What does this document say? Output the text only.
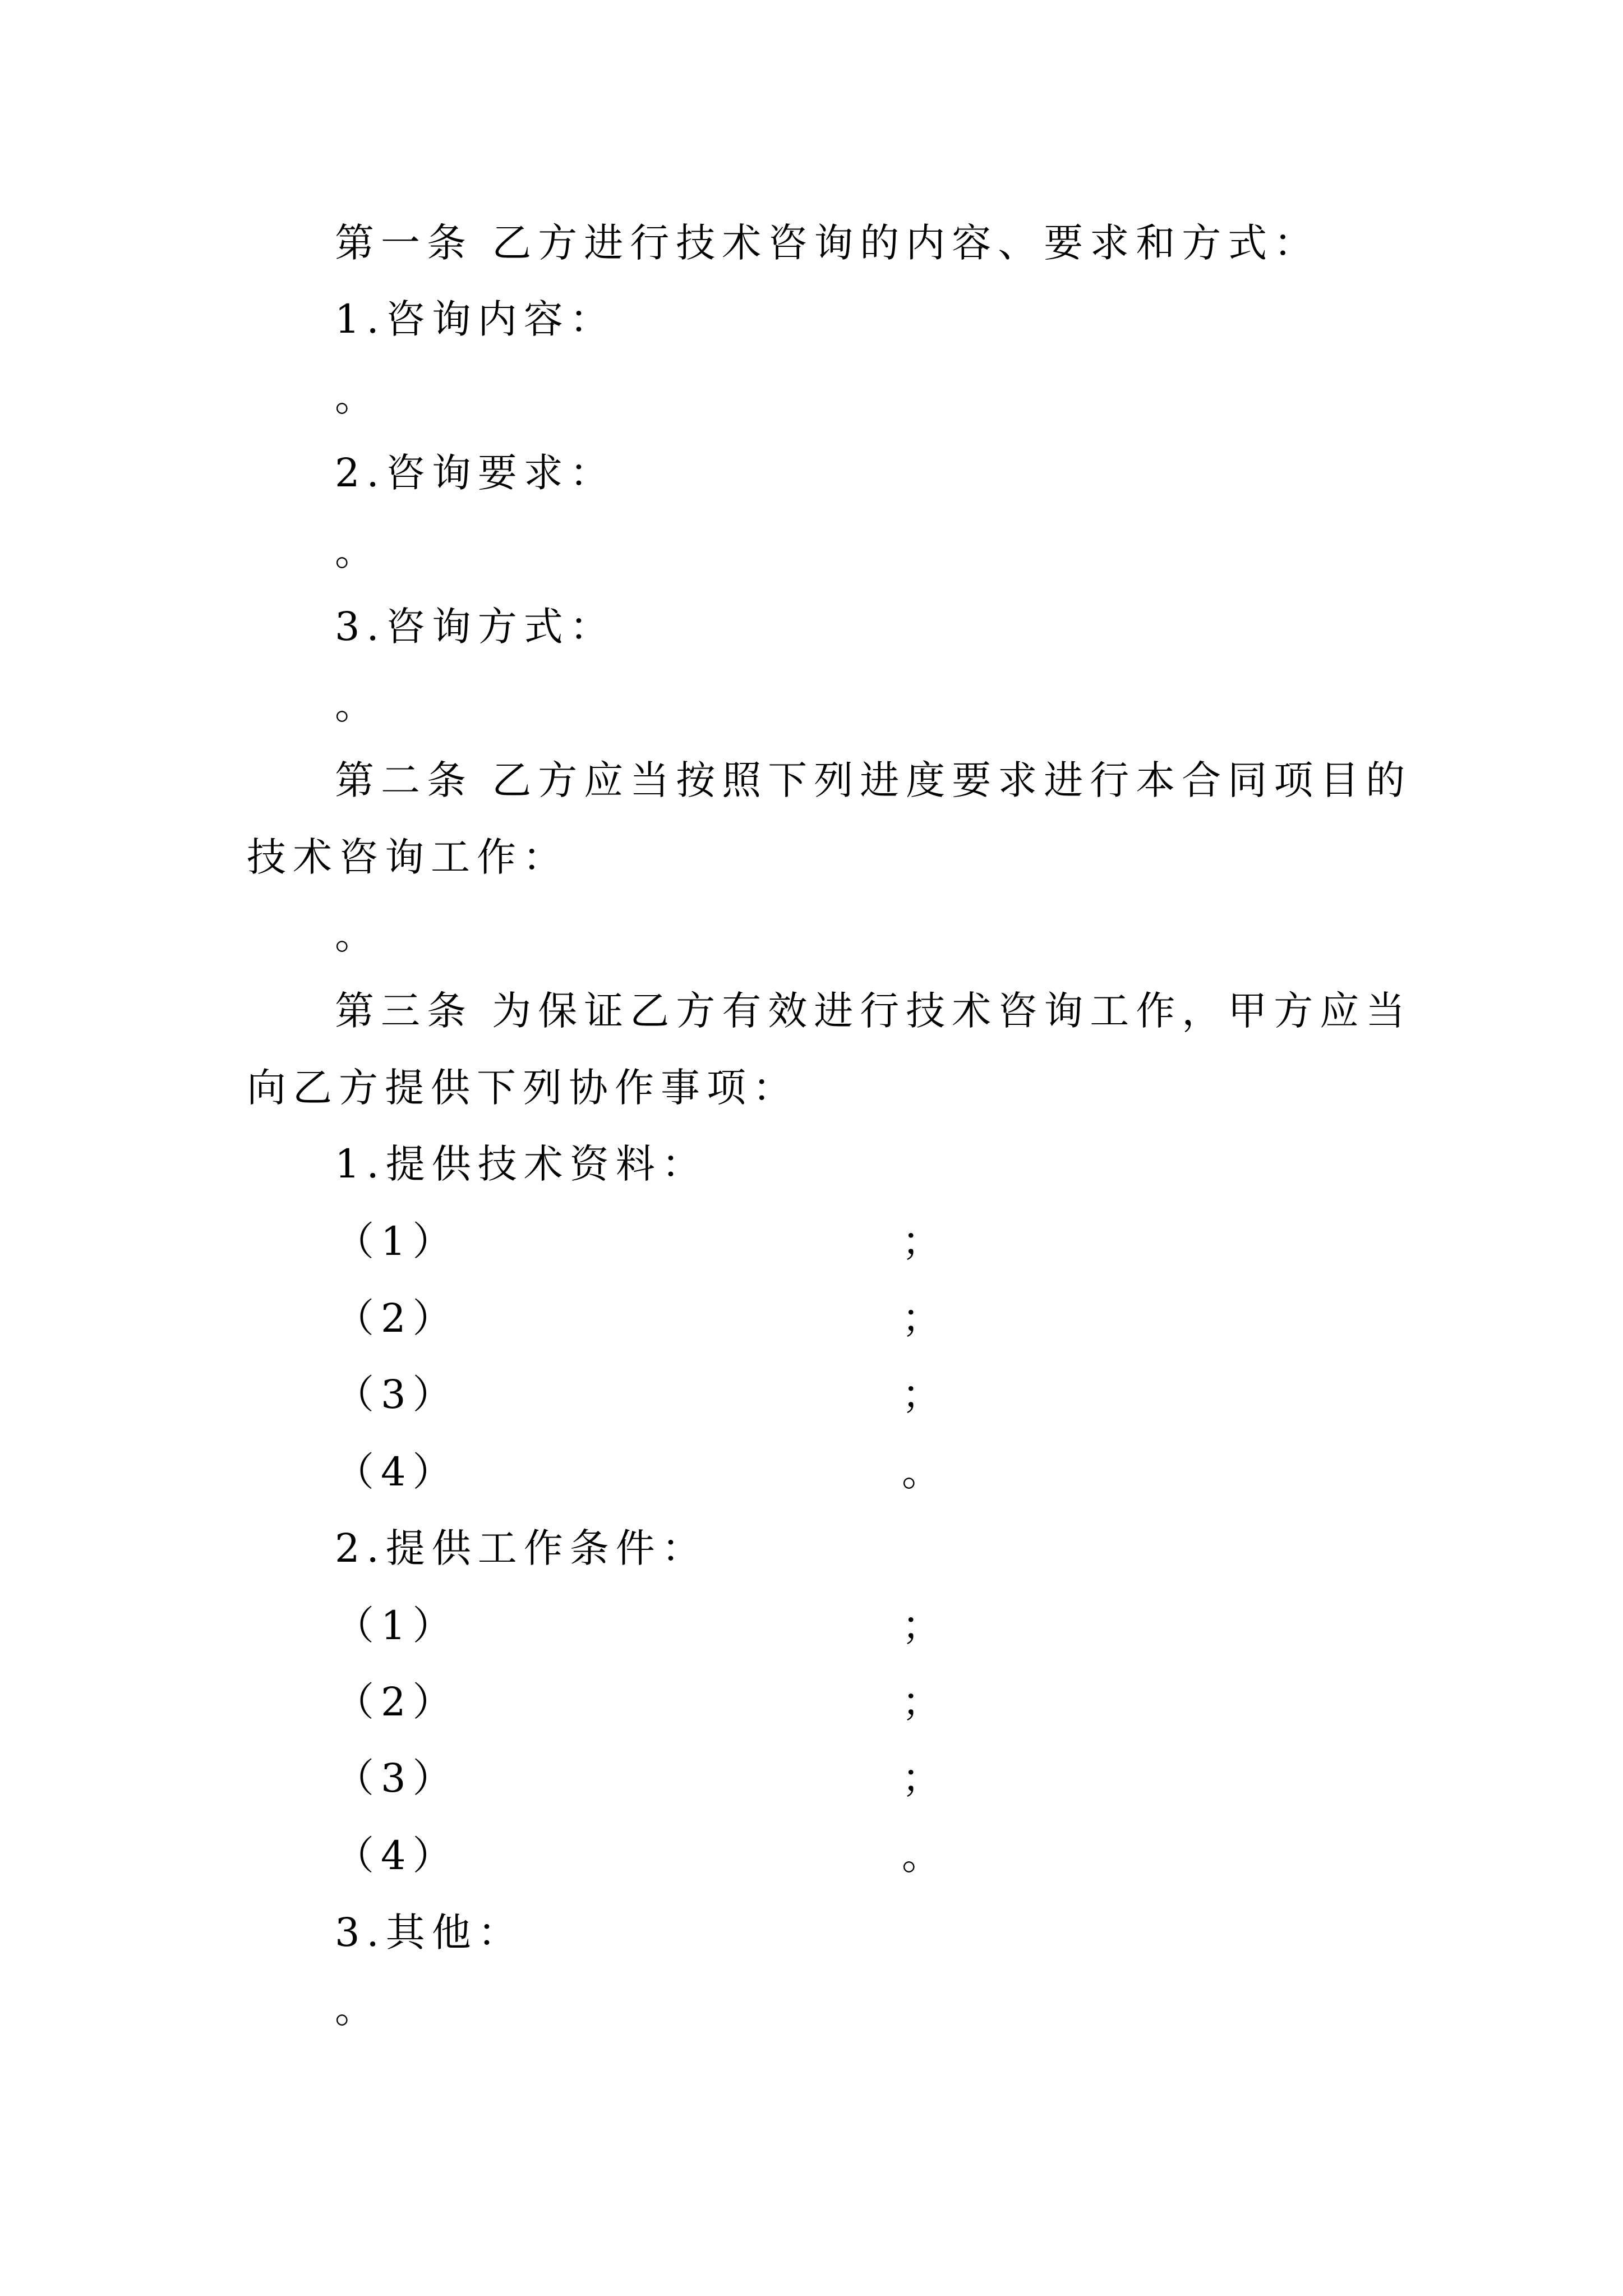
第一条 乙方进行技术咨询的内容、要求和方式：
1.咨询内容：
。
2.咨询要求：
。
3.咨询方式：
。
第二条 乙方应当按照下列进度要求进行本合同项目的
技术咨询工作：
。
第三条 为保证乙方有效进行技术咨询工作，甲方应当
向乙方提供下列协作事项：
1.提供技术资料：
（1）	；
（2）	；
（3）	；
（4）	。
2.提供工作条件：
（1）	；
（2）	；
（3）	；
（4）	。
3.其他：
。
